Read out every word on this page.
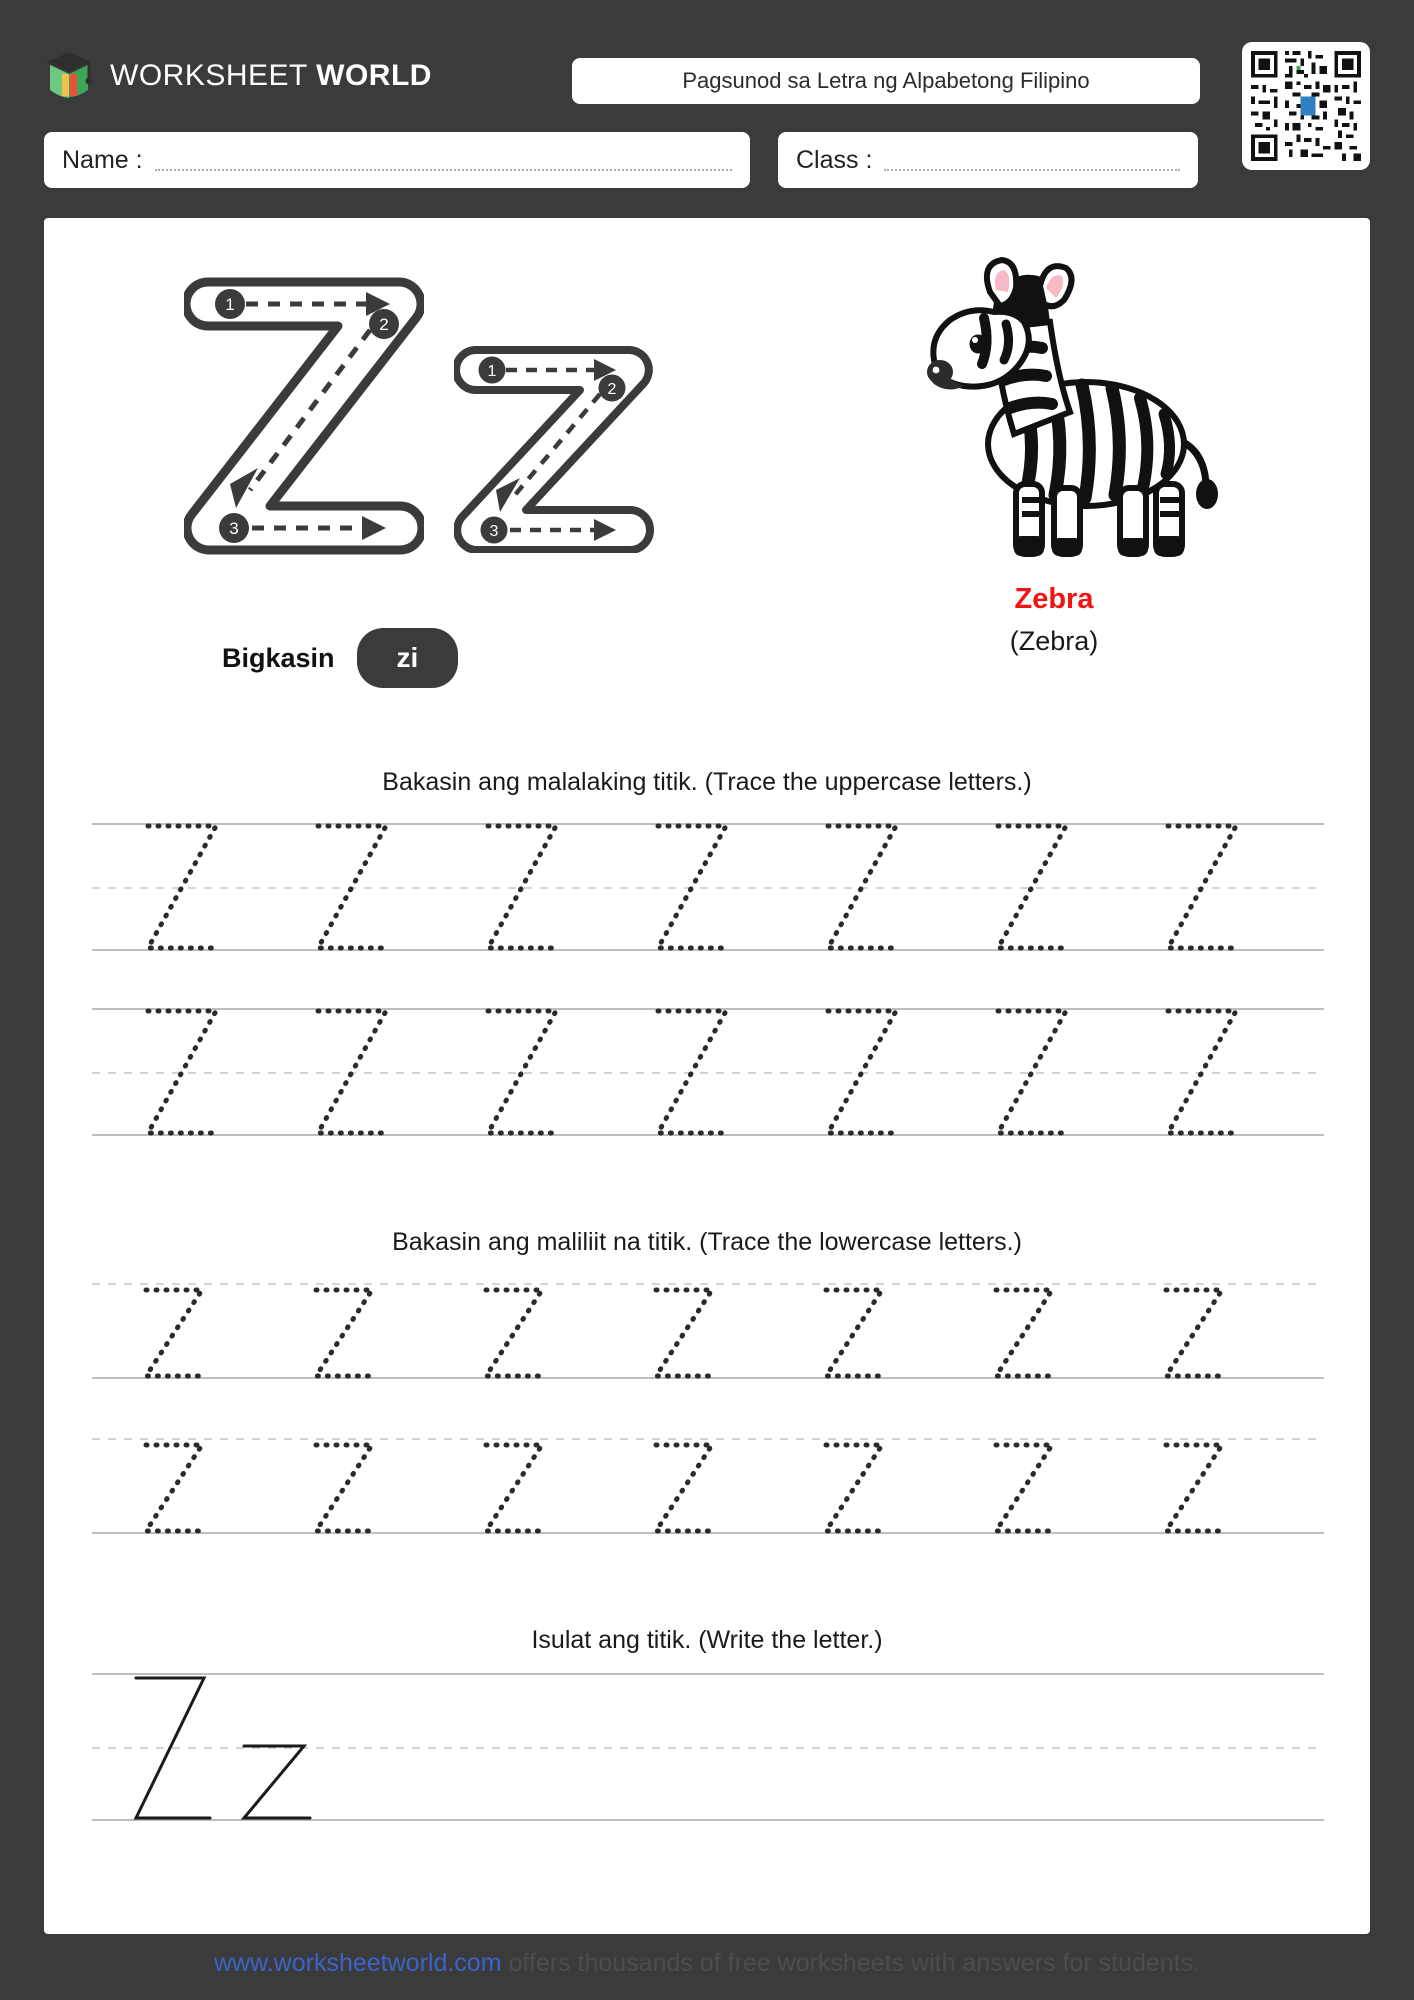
WORKSHEET WORLD	Pagsunod sa Letra ng Alpabetong Filipino
Name :	Class :
1
2
3
1
2
3
Bigkasin	zi
Zebra
(Zebra)
Bakasin ang malalaking titik. (Trace the uppercase letters.)
Bakasin ang maliliit na titik. (Trace the lowercase letters.)
Isulat ang titik. (Write the letter.)
www.worksheetworld.com offers thousands of free worksheets with answers for students.
